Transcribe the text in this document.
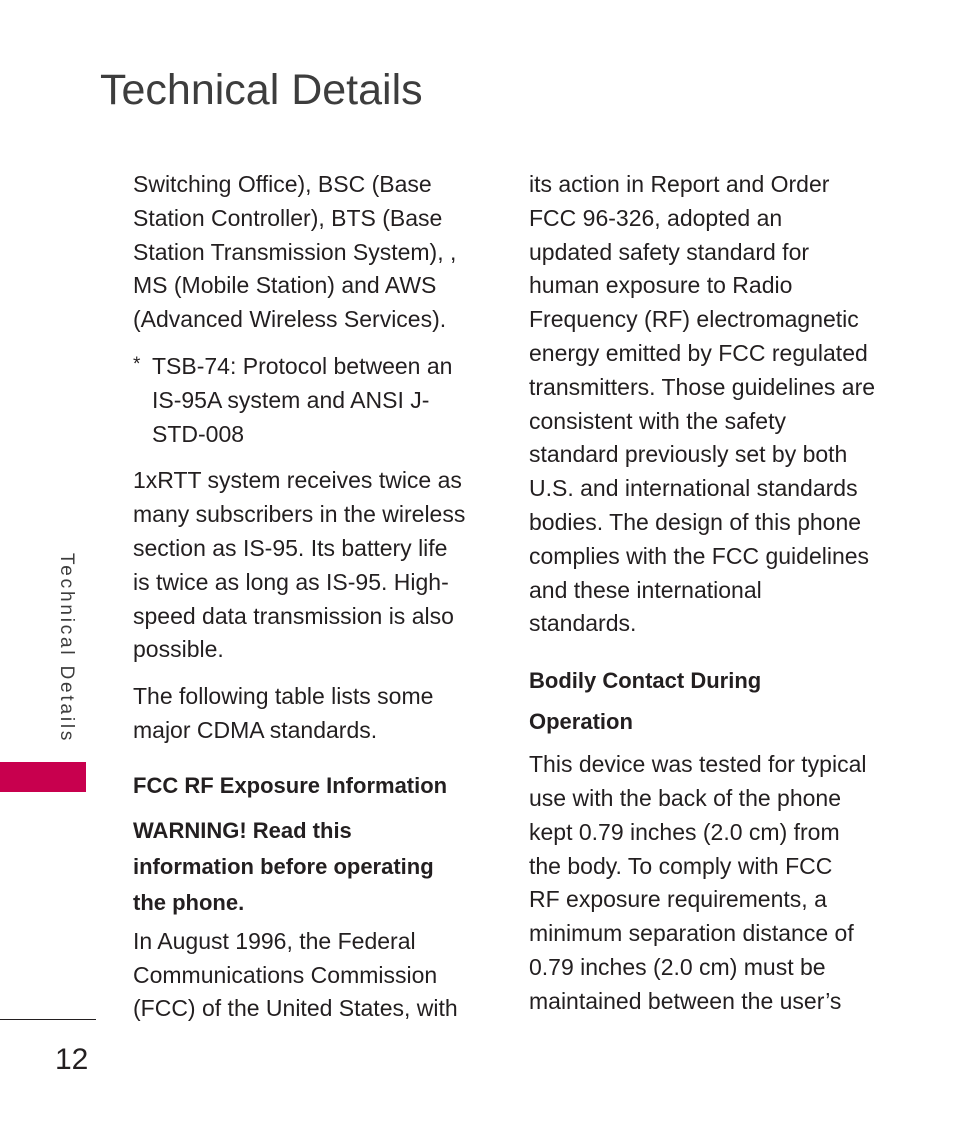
Technical Details
Switching Office), BSC (Base
Station Controller), BTS (Base
Station Transmission System), ,
MS (Mobile Station) and AWS
(Advanced Wireless Services).
* TSB-74: Protocol between an
IS-95A system and ANSI J-
STD-008
1xRTT system receives twice as
many subscribers in the wireless
section as IS-95. Its battery life
is twice as long as IS-95. High-
speed data transmission is also
possible.
The following table lists some
major CDMA standards.
FCC RF Exposure Information
WARNING! Read this
information before operating
the phone.
In August 1996, the Federal
Communications Commission
(FCC) of the United States, with
its action in Report and Order
FCC 96-326, adopted an
updated safety standard for
human exposure to Radio
Frequency (RF) electromagnetic
energy emitted by FCC regulated
transmitters. Those guidelines are
consistent with the safety
standard previously set by both
U.S. and international standards
bodies. The design of this phone
complies with the FCC guidelines
and these international
standards.
Bodily Contact During
Operation
This device was tested for typical
use with the back of the phone
kept 0.79 inches (2.0 cm) from
the body. To comply with FCC
RF exposure requirements, a
minimum separation distance of
0.79 inches (2.0 cm) must be
maintained between the user’s
Technical Details
12
